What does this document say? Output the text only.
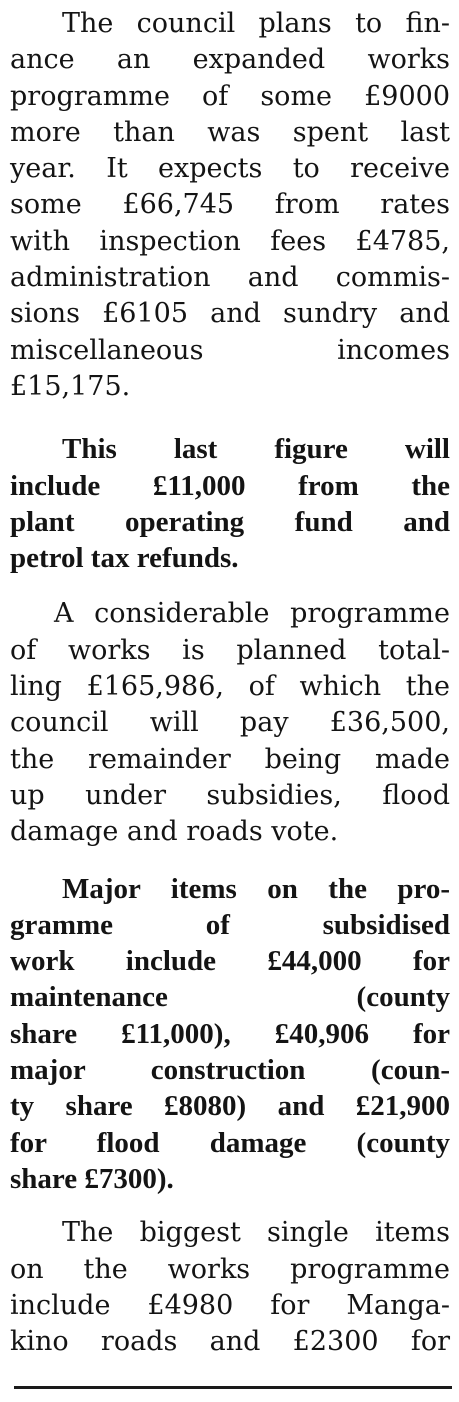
The council plans to fin-
ance an expanded works
programme of some £9000
more than was spent last
year. It expects to receive
some £66,745 from rates
with inspection fees £4785,
administration and commis-
sions £6105 and sundry and
miscellaneous incomes
£15,175.

This last figure will
include £11,000 from the
plant operating fund and
petrol tax refunds.

A considerable programme
of works is planned total-
ling £165,986, of which the
council will pay £36,500,
the remainder being made
up under subsidies, flood
damage and roads vote.

Major items on the pro-
gramme of subsidised
work include £44,000 for
maintenance (county
share £11,000), £40,906 for
major construction (coun-
ty share £8080) and £21,900
for flood damage (county
share £7300).

The biggest single items
on the works programme
include £4980 for Manga-
kino roads and £2300 for
